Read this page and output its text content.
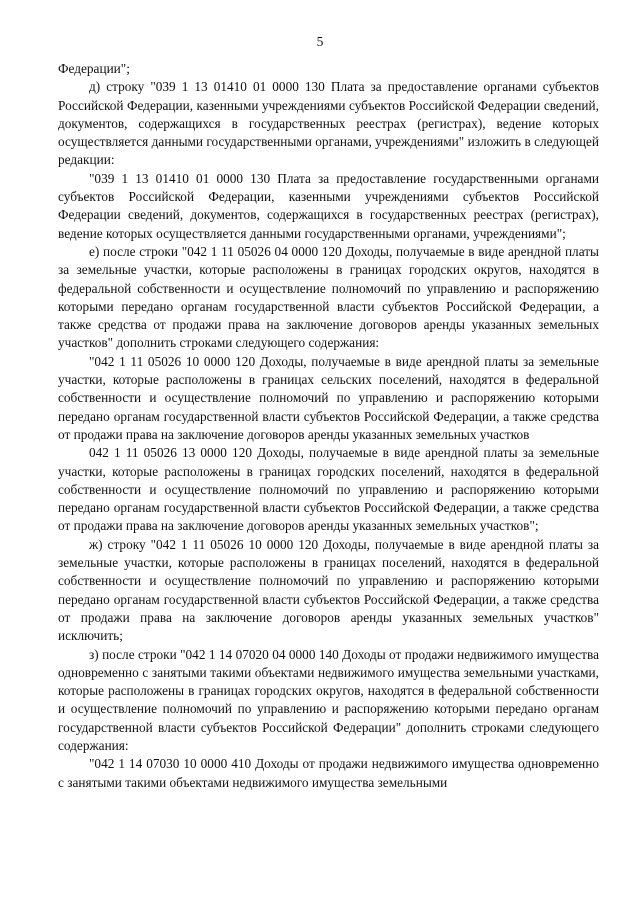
5

Федерации";

д) строку "039 1 13 01410 01 0000 130 Плата за предоставление органами субъектов Российской Федерации, казенными учреждениями субъектов Российской Федерации сведений, документов, содержащихся в государственных реестрах (регистрах), ведение которых осуществляется данными государственными органами, учреждениями" изложить в следующей редакции:

"039 1 13 01410 01 0000 130 Плата за предоставление государственными органами субъектов Российской Федерации, казенными учреждениями субъектов Российской Федерации сведений, документов, содержащихся в государственных реестрах (регистрах), ведение которых осуществляется данными государственными органами, учреждениями";

е) после строки "042 1 11 05026 04 0000 120 Доходы, получаемые в виде арендной платы за земельные участки, которые расположены в границах городских округов, находятся в федеральной собственности и осуществление полномочий по управлению и распоряжению которыми передано органам государственной власти субъектов Российской Федерации, а также средства от продажи права на заключение договоров аренды указанных земельных участков" дополнить строками следующего содержания:

"042 1 11 05026 10 0000 120 Доходы, получаемые в виде арендной платы за земельные участки, которые расположены в границах сельских поселений, находятся в федеральной собственности и осуществление полномочий по управлению и распоряжению которыми передано органам государственной власти субъектов Российской Федерации, а также средства от продажи права на заключение договоров аренды указанных земельных участков

042 1 11 05026 13 0000 120 Доходы, получаемые в виде арендной платы за земельные участки, которые расположены в границах городских поселений, находятся в федеральной собственности и осуществление полномочий по управлению и распоряжению которыми передано органам государственной власти субъектов Российской Федерации, а также средства от продажи права на заключение договоров аренды указанных земельных участков";

ж) строку "042 1 11 05026 10 0000 120 Доходы, получаемые в виде арендной платы за земельные участки, которые расположены в границах поселений, находятся в федеральной собственности и осуществление полномочий по управлению и распоряжению которыми передано органам государственной власти субъектов Российской Федерации, а также средства от продажи права на заключение договоров аренды указанных земельных участков" исключить;

з) после строки "042 1 14 07020 04 0000 140 Доходы от продажи недвижимого имущества одновременно с занятыми такими объектами недвижимого имущества земельными участками, которые расположены в границах городских округов, находятся в федеральной собственности и осуществление полномочий по управлению и распоряжению которыми передано органам государственной власти субъектов Российской Федерации" дополнить строками следующего содержания:

"042 1 14 07030 10 0000 410 Доходы от продажи недвижимого имущества одновременно с занятыми такими объектами недвижимого имущества земельными
